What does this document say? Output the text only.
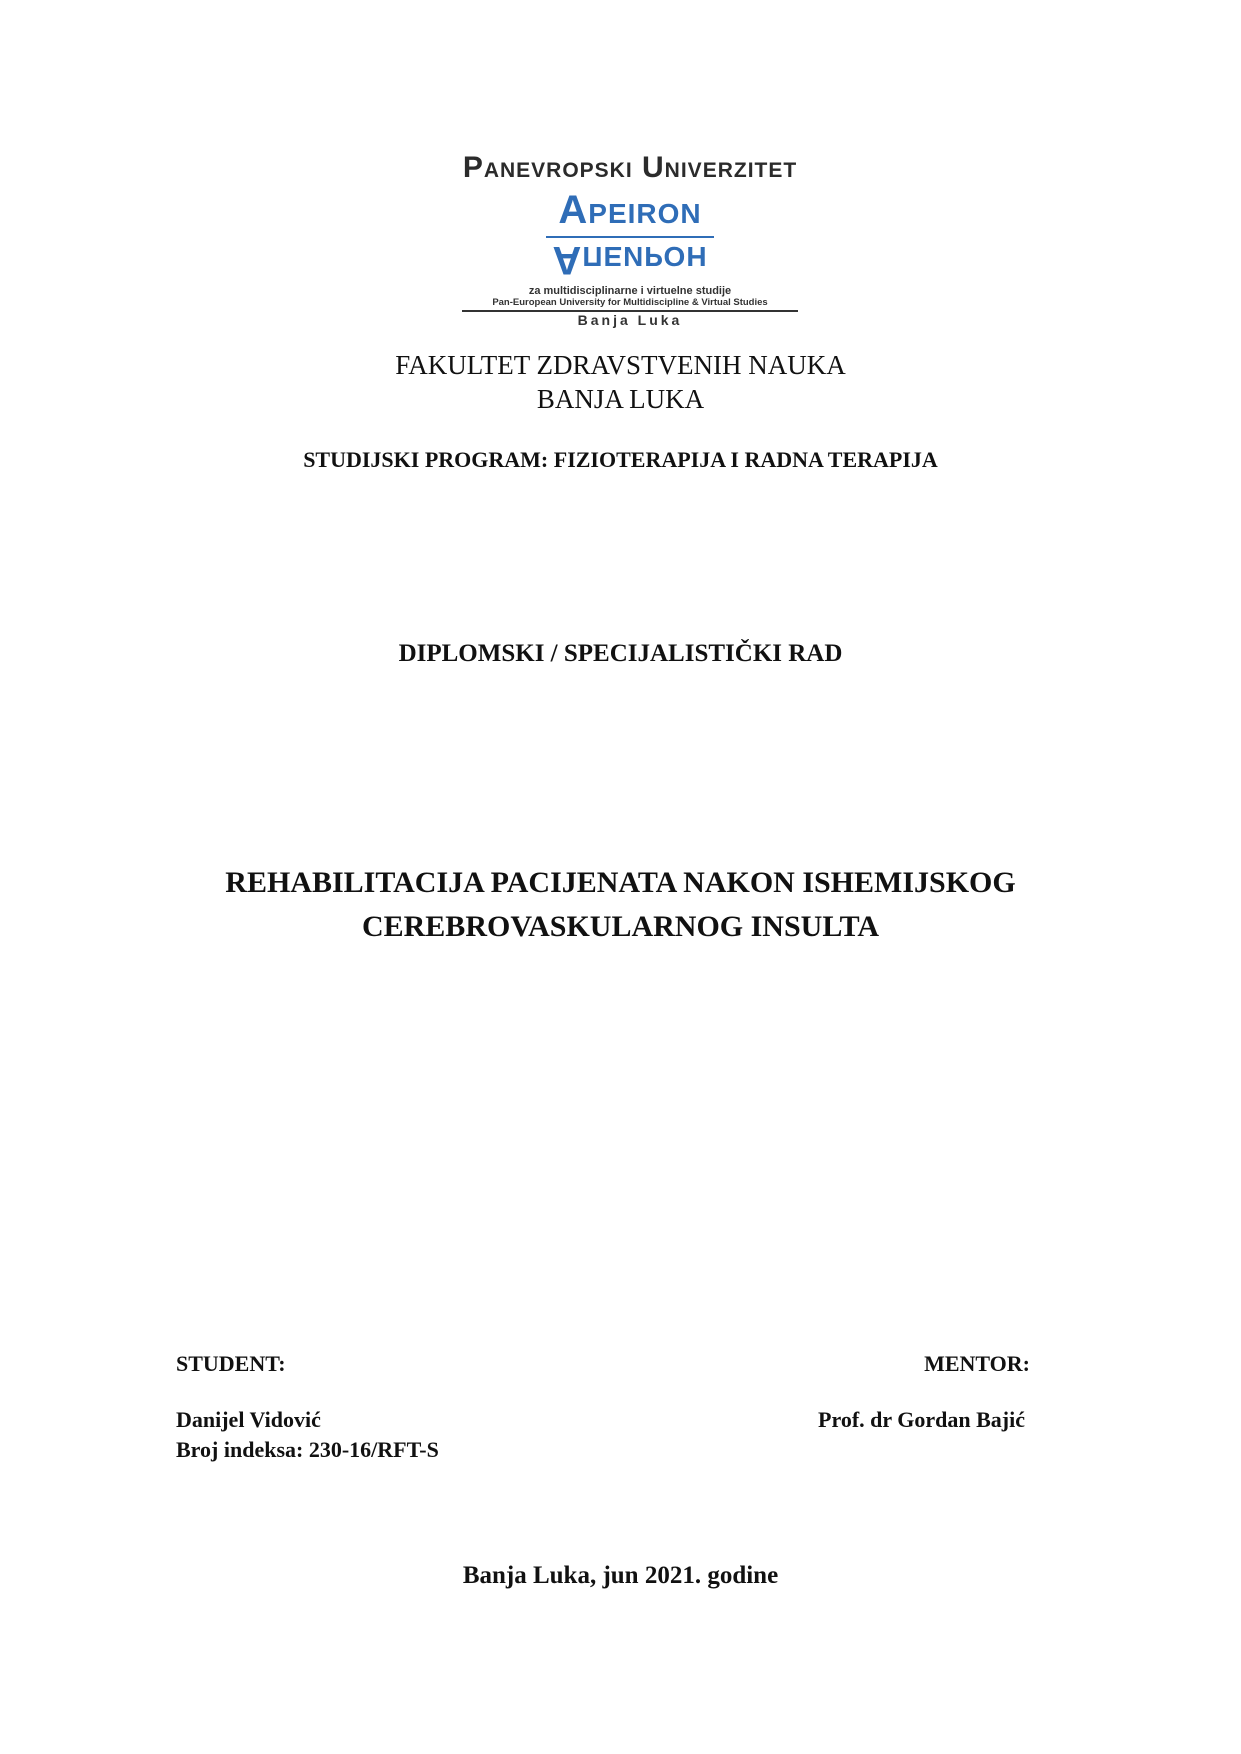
Panevropski Univerzitet
Apeiron
Апеирон
za multidisciplinarne i virtuelne studije
Pan-European University for Multidiscipline & Virtual Studies
Banja Luka
FAKULTET ZDRAVSTVENIH NAUKA
BANJA LUKA
STUDIJSKI PROGRAM: FIZIOTERAPIJA I RADNA TERAPIJA
DIPLOMSKI / SPECIJALISTIČKI RAD
REHABILITACIJA PACIJENATA NAKON ISHEMIJSKOG
CEREBROVASKULARNOG INSULTA
STUDENT:	MENTOR:
Danijel Vidović
Broj indeksa: 230-16/RFT-S
Prof. dr Gordan Bajić
Banja Luka, jun 2021. godine
